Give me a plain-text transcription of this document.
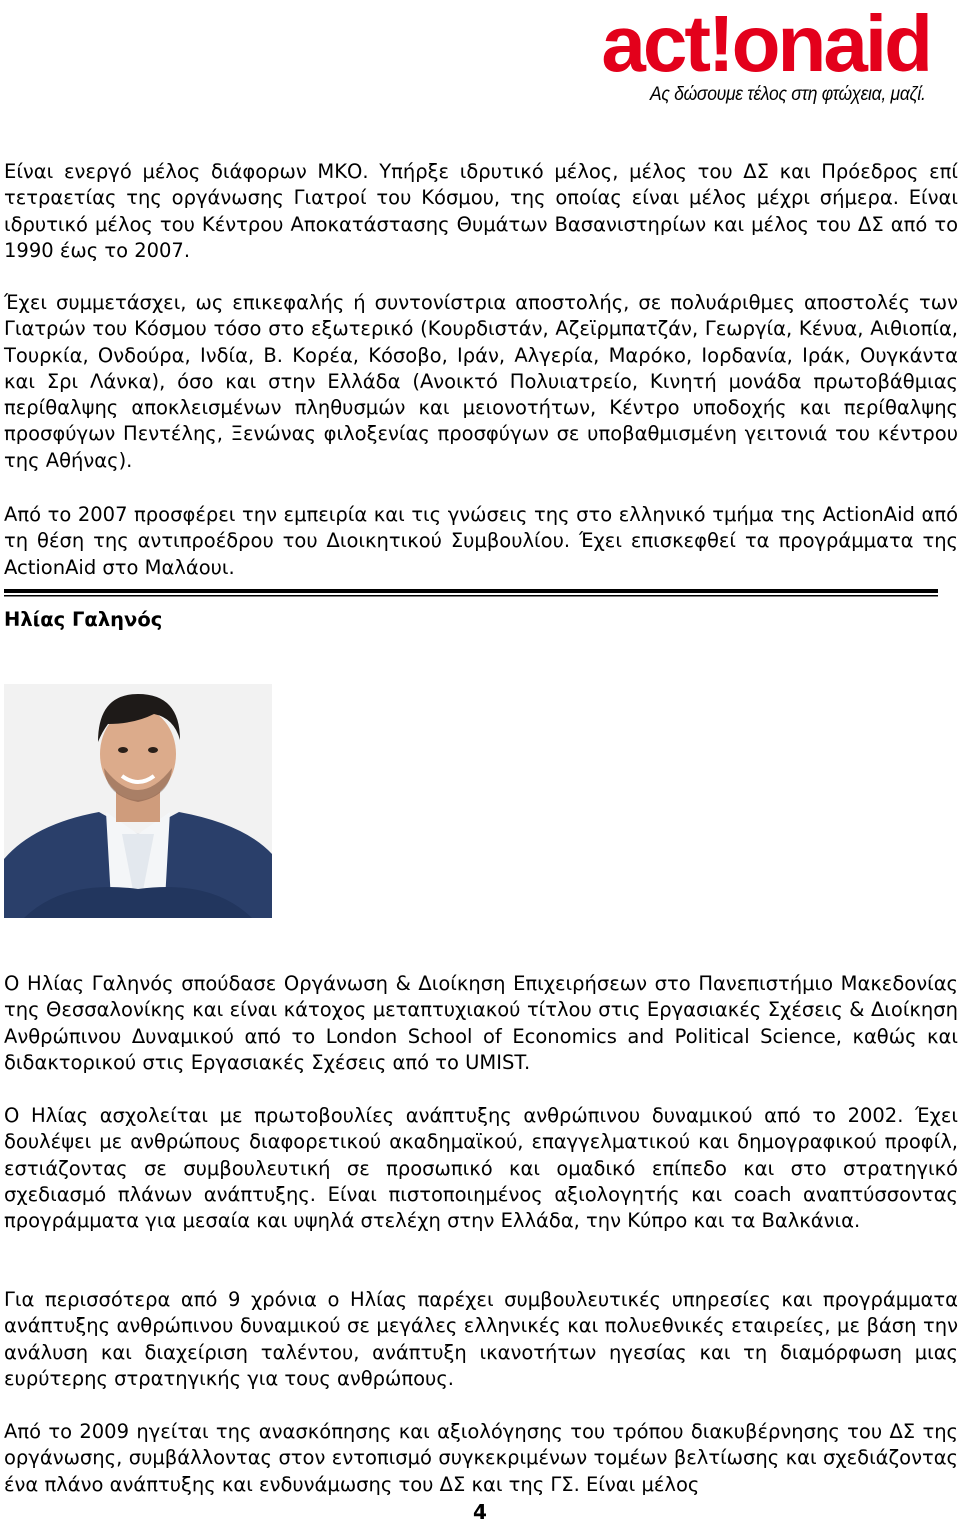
act!onaid
Ας δώσουμε τέλος στη φτώχεια, μαζί.
Είναι ενεργό μέλος διάφορων ΜΚΟ. Υπήρξε ιδρυτικό μέλος, μέλος του ΔΣ και Πρόεδρος επί τετραετίας της οργάνωσης Γιατροί του Κόσμου, της οποίας είναι μέλος μέχρι σήμερα. Είναι ιδρυτικό μέλος του Κέντρου Αποκατάστασης Θυμάτων Βασανιστηρίων και μέλος του ΔΣ από το 1990 έως το 2007.
Έχει συμμετάσχει, ως επικεφαλής ή συντονίστρια αποστολής, σε πολυάριθμες αποστολές των Γιατρών του Κόσμου τόσο στο εξωτερικό (Κουρδιστάν, Αζεϊρμπατζάν, Γεωργία, Κένυα, Αιθιοπία, Τουρκία, Ονδούρα, Ινδία, Β. Κορέα, Κόσοβο, Ιράν, Αλγερία, Μαρόκο, Ιορδανία, Ιράκ, Ουγκάντα και Σρι Λάνκα), όσο και στην Ελλάδα (Ανοικτό Πολυιατρείο, Κινητή μονάδα πρωτοβάθμιας περίθαλψης αποκλεισμένων πληθυσμών και μειονοτήτων, Κέντρο υποδοχής και περίθαλψης προσφύγων Πεντέλης, Ξενώνας φιλοξενίας προσφύγων σε υποβαθμισμένη γειτονιά του κέντρου της Αθήνας).
Από το 2007 προσφέρει την εμπειρία και τις γνώσεις της στο ελληνικό τμήμα της ActionAid από τη θέση της αντιπροέδρου του Διοικητικού Συμβουλίου. Έχει επισκεφθεί τα προγράμματα της ActionAid στο Μαλάουι.
Ηλίας Γαληνός
Ο Ηλίας Γαληνός σπούδασε Οργάνωση & Διοίκηση Επιχειρήσεων στο Πανεπιστήμιο Μακεδονίας της Θεσσαλονίκης και είναι κάτοχος μεταπτυχιακού τίτλου στις Εργασιακές Σχέσεις & Διοίκηση Ανθρώπινου Δυναμικού από το London School of Economics and Political Science, καθώς και διδακτορικού στις Εργασιακές Σχέσεις από το UMIST.
Ο Ηλίας ασχολείται με πρωτοβουλίες ανάπτυξης ανθρώπινου δυναμικού από το 2002. Έχει δουλέψει με ανθρώπους διαφορετικού ακαδημαϊκού, επαγγελματικού και δημογραφικού προφίλ, εστιάζοντας σε συμβουλευτική σε προσωπικό και ομαδικό επίπεδο και στο στρατηγικό σχεδιασμό πλάνων ανάπτυξης. Είναι πιστοποιημένος αξιολογητής και coach αναπτύσσοντας προγράμματα για μεσαία και υψηλά στελέχη στην Ελλάδα, την Κύπρο και τα Βαλκάνια.
Για περισσότερα από 9 χρόνια ο Ηλίας παρέχει συμβουλευτικές υπηρεσίες και προγράμματα ανάπτυξης ανθρώπινου δυναμικού σε μεγάλες ελληνικές και πολυεθνικές εταιρείες, με βάση την ανάλυση και διαχείριση ταλέντου, ανάπτυξη ικανοτήτων ηγεσίας και τη διαμόρφωση μιας ευρύτερης στρατηγικής για τους ανθρώπους.
Από το 2009 ηγείται της ανασκόπησης και αξιολόγησης του τρόπου διακυβέρνησης του ΔΣ της οργάνωσης, συμβάλλοντας στον εντοπισμό συγκεκριμένων τομέων βελτίωσης και σχεδιάζοντας ένα πλάνο ανάπτυξης και ενδυνάμωσης του ΔΣ και της ΓΣ. Είναι μέλος
4
